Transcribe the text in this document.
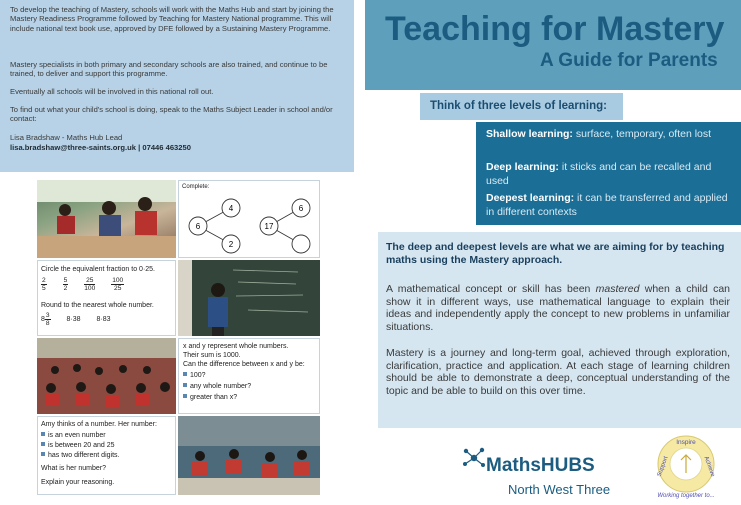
To develop the teaching of Mastery, schools will work with the Maths Hub and start by joining the Mastery Readiness Programme followed by Teaching for Mastery National programme. This will include national text book use, approved by DFE followed by a Sustaining Mastery Programme.

Mastery specialists in both primary and secondary schools are also trained, and continue to be trained, to deliver and support this programme.

Eventually all schools will be involved in this national roll out.

To find out what your child's school is doing, speak to the Maths Subject Leader in school and/or contact:

Lisa Bradshaw - Maths Hub Lead

lisa.bradshaw@three-saints.org.uk | 07446 463250

Complete:
6
4
2
17
6
Circle the equivalent fraction to 0·25.
$\frac{2}{5}$
$\frac{5}{2}$
$\frac{25}{100}$
$\frac{100}{25}$
Round to the nearest whole number.
$8 \frac{3}{8} 8\cdot 38$ 8·83
x and y represent whole numbers.
Their sum is 1000.
Can the difference between x and y be:
100?
any whole number?
greater than x?
Amy thinks of a number. Her number:
is an even number
is between 20 and 25
has two different digits.
What is her number?
Explain your reasoning.
Teaching for Mastery
A Guide for Parents
Think of three levels of learning:
Shallow learning: surface, temporary, often lost
Deep learning: it sticks and can be recalled and used
Deepest learning: it can be transferred and applied in different contexts
The deep and deepest levels are what we are aiming for by teaching maths using the Mastery approach.
A mathematical concept or skill has been mastered when a child can show it in different ways, use mathematical language to explain their ideas and independently apply the concept to new problems in unfamiliar situations.
Mastery is a journey and long-term goal, achieved through exploration, clarification, practice and application. At each stage of learning children should be able to demonstrate a deep, conceptual understanding of the topic and be able to build on this over time.
MathsHUBS
North West Three
Inspire
Support	Achieve
Working together to...
